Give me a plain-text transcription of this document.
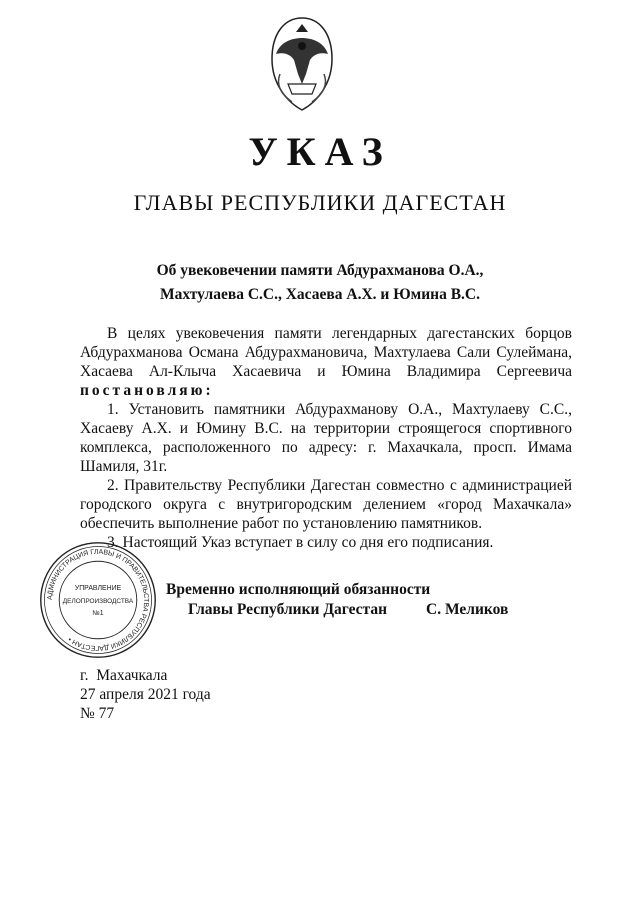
УКАЗ
ГЛАВЫ РЕСПУБЛИКИ ДАГЕСТАН
Об увековечении памяти Абдурахманова О.А.,
Махтулаева С.С., Хасаева А.Х. и Юмина В.С.
В целях увековечения памяти легендарных дагестанских борцов
Абдурахманова Османа Абдурахмановича, Махтулаева Сали Сулеймана,
Хасаева Ал-Клыча Хасаевича и Юмина Владимира Сергеевича
постановляю:
1. Установить памятники Абдурахманову О.А., Махтулаеву С.С.,
Хасаеву А.Х. и Юмину В.С. на территории строящегося спортивного
комплекса, расположенного по адресу: г. Махачкала, просп. Имама
Шамиля, 31г.
2. Правительству Республики Дагестан совместно с администрацией
городского округа с внутригородским делением «город Махачкала»
обеспечить выполнение работ по установлению памятников.
3. Настоящий Указ вступает в силу со дня его подписания.
АДМИНИСТРАЦИЯ ГЛАВЫ И ПРАВИТЕЛЬСТВА РЕСПУБЛИКИ ДАГЕСТАН •
УПРАВЛЕНИЕ
ДЕЛОПРОИЗВОДСТВА
№1
Временно исполняющий обязанности
Главы Республики Дагестан	С. Меликов
г.  Махачкала
27 апреля 2021 года
№ 77
